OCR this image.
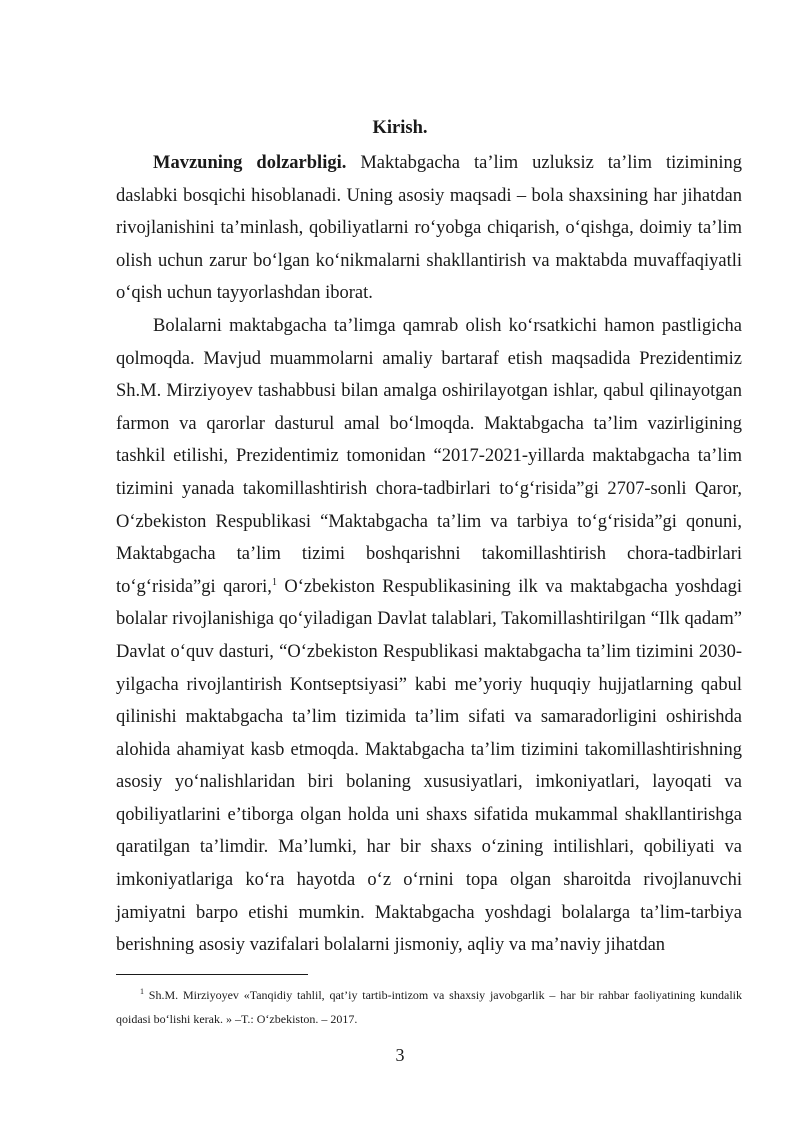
Kirish.

Mavzuning dolzarbligi. Maktabgacha ta’lim uzluksiz ta’lim tizimining daslabki bosqichi hisoblanadi. Uning asosiy maqsadi – bola shaxsining har jihatdan rivojlanishini ta’minlash, qobiliyatlarni ro‘yobga chiqarish, o‘qishga, doimiy ta’lim olish uchun zarur bo‘lgan ko‘nikmalarni shakllantirish va maktabda muvaffaqiyatli o‘qish uchun tayyorlashdan iborat.

Bolalarni maktabgacha ta’limga qamrab olish ko‘rsatkichi hamon pastligicha qolmoqda. Mavjud muammolarni amaliy bartaraf etish maqsadida Prezidentimiz Sh.M. Mirziyoyev tashabbusi bilan amalga oshirilayotgan ishlar, qabul qilinayotgan farmon va qarorlar dasturul amal bo‘lmoqda. Maktabgacha ta’lim vazirligining tashkil etilishi, Prezidentimiz tomonidan “2017-2021-yillarda maktabgacha ta’lim tizimini yanada takomillashtirish chora-tadbirlari to‘g‘risida”gi 2707-sonli Qaror, O‘zbekiston Respublikasi “Maktabgacha ta’lim va tarbiya to‘g‘risida”gi qonuni, Maktabgacha ta’lim tizimi boshqarishni takomillashtirish chora-tadbirlari to‘g‘risida”gi qarori,$^1$ O‘zbekiston Respublikasining ilk va maktabgacha yoshdagi bolalar rivojlanishiga qo‘yiladigan Davlat talablari, Takomillashtirilgan “Ilk qadam” Davlat o‘quv dasturi, “O‘zbekiston Respublikasi maktabgacha ta’lim tizimini 2030-yilgacha rivojlantirish Kontseptsiyasi” kabi me’yoriy huquqiy hujjatlarning qabul qilinishi maktabgacha ta’lim tizimida ta’lim sifati va samaradorligini oshirishda alohida ahamiyat kasb etmoqda. Maktabgacha ta’lim tizimini takomillashtirishning asosiy yo‘nalishlaridan biri bolaning xususiyatlari, imkoniyatlari, layoqati va qobiliyatlarini e’tiborga olgan holda uni shaxs sifatida mukammal shakllantirishga qaratilgan ta’limdir. Ma’lumki, har bir shaxs o‘zining intilishlari, qobiliyati va imkoniyatlariga ko‘ra hayotda o‘z o‘rnini topa olgan sharoitda rivojlanuvchi jamiyatni barpo etishi mumkin. Maktabgacha yoshdagi bolalarga ta’lim-tarbiya berishning asosiy vazifalari bolalarni jismoniy, aqliy va ma’naviy jihatdan

$^1$ Sh.M. Mirziyoyev «Tanqidiy tahlil, qat’iy tartib-intizom va shaxsiy javobgarlik – har bir rahbar faoliyatining kundalik qoidasi bo‘lishi kerak. » –T.: O‘zbekiston. – 2017.

3
